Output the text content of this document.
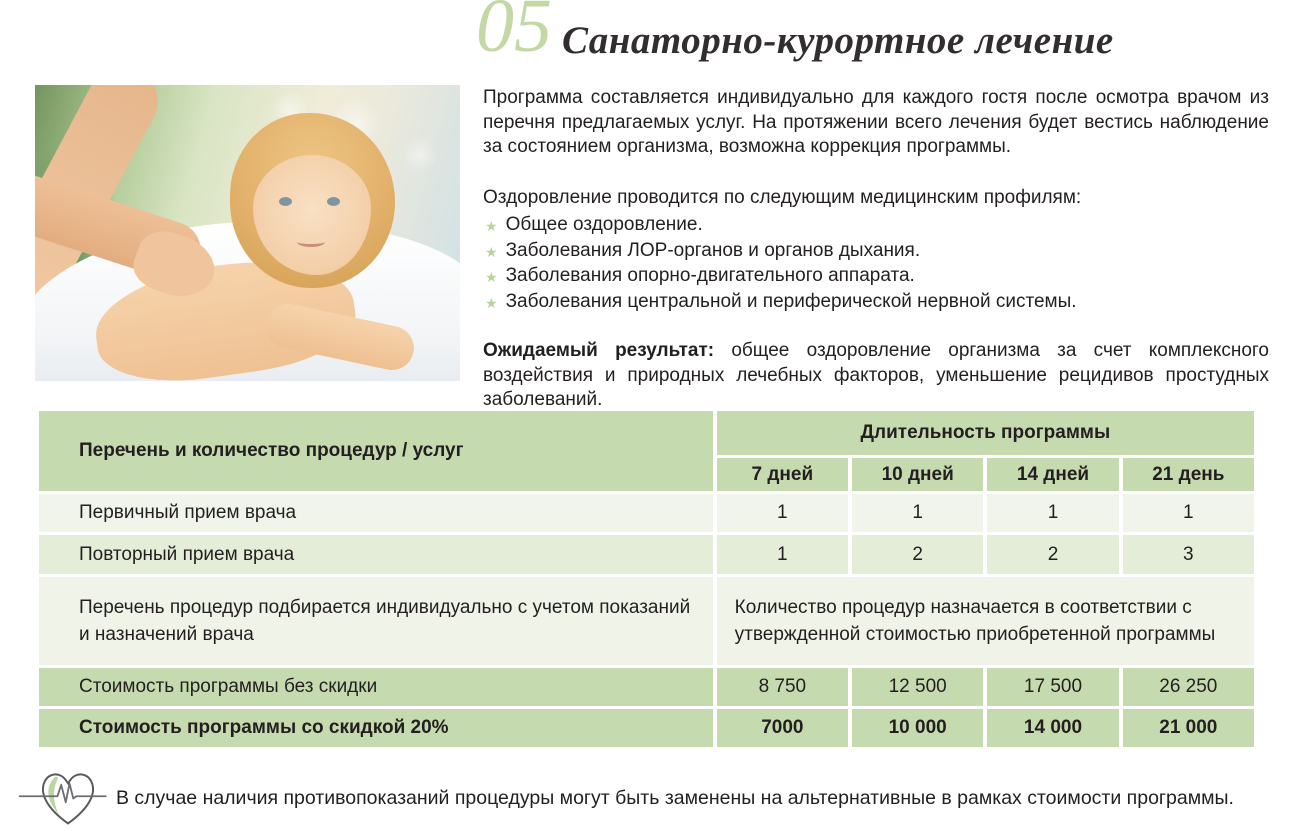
05 Санаторно-курортное лечение

Программа составляется индивидуально для каждого гостя после осмотра врачом из перечня предлагаемых услуг. На протяжении всего лечения будет вестись наблюдение за состоянием организма, возможна коррекция программы.

Оздоровление проводится по следующим медицинским профилям:

★ Общее оздоровление.
★ Заболевания ЛОР-органов и органов дыхания.
★ Заболевания опорно-двигательного аппарата.
★ Заболевания центральной и периферической нервной системы.

Ожидаемый результат: общее оздоровление организма за счет комплексного воздействия и природных лечебных факторов, уменьшение рецидивов простудных заболеваний.

Перечень и количество процедур / услуг	Длительность программы			
	7 дней	10 дней	14 дней	21 день
Первичный прием врача	1	1	1	1
Повторный прием врача	1	2	2	3

Перечень процедур подбирается индивидуально с учетом показаний и назначений врача	Количество процедур назначается в соответствии с утвержденной стоимостью приобретенной программы			

Стоимость программы без скидки	8 750	12 500	17 500	26 250
Стоимость программы со скидкой 20%	7000	10 000	14 000	21 000

В случае наличия противопоказаний процедуры могут быть заменены на альтернативные в рамках стоимости программы.
